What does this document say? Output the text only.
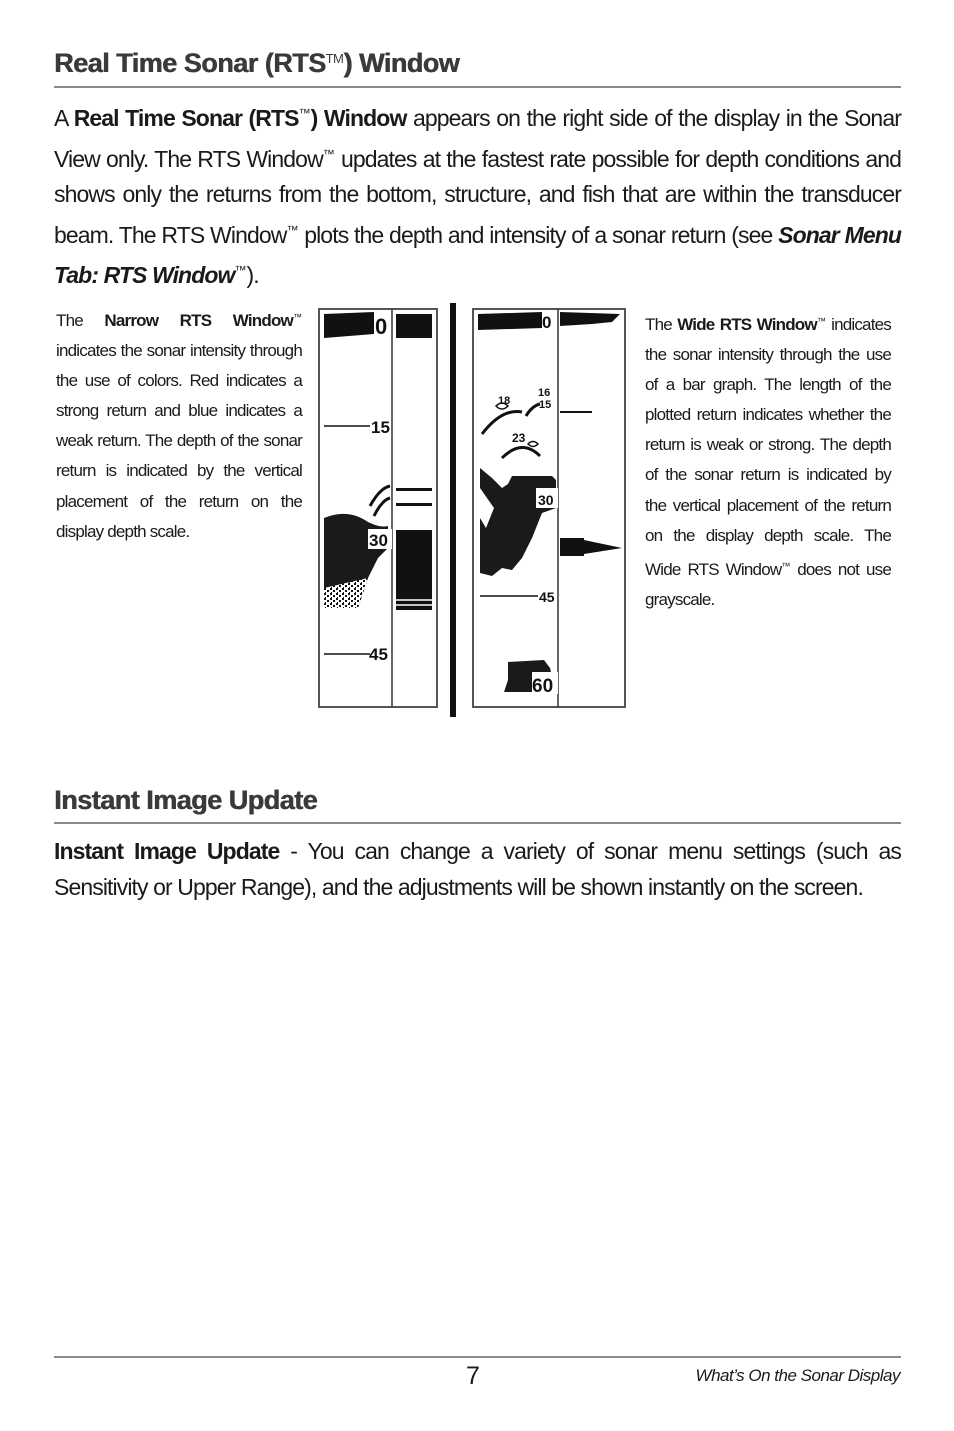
Real Time Sonar (RTS™) Window

A Real Time Sonar (RTS™) Window appears on the right side of the display in the Sonar View only. The RTS Window™ updates at the fastest rate possible for depth conditions and shows only the returns from the bottom, structure, and fish that are within the transducer beam. The RTS Window™ plots the depth and intensity of a sonar return (see Sonar Menu Tab: RTS Window™).

The Narrow RTS Window™ indicates the sonar intensity through the use of colors. Red indicates a strong return and blue indicates a weak return. The depth of the sonar return is indicated by the vertical placement of the return on the display depth scale.

0
15
30
45
0
18
16
15
23
30
45
60

The Wide RTS Window™ indicates the sonar intensity through the use of a bar graph. The length of the plotted return indicates whether the return is weak or strong. The depth of the sonar return is indicated by the vertical placement of the return on the display depth scale. The Wide RTS Window™ does not use grayscale.

Instant Image Update

Instant Image Update - You can change a variety of sonar menu settings (such as Sensitivity or Upper Range), and the adjustments will be shown instantly on the screen.

7	What’s On the Sonar Display
